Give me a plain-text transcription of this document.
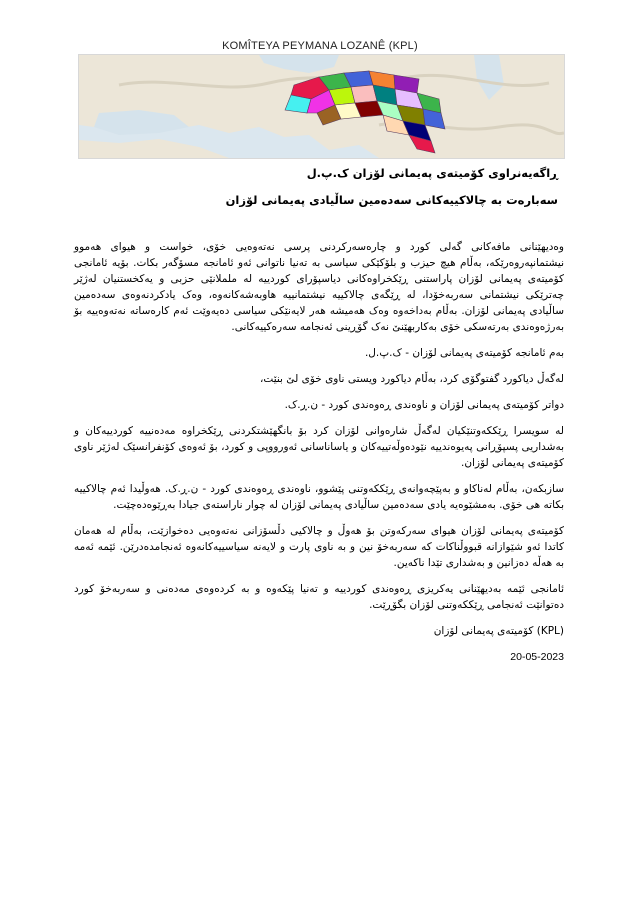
KOMÎTEYA PEYMANA LOZANÊ (KPL)
ڕاگەیەنراوی کۆمیتەی پەیمانی لۆزان ک.پ.ل
سەبارەت بە چالاکییەکانی سەدەمین ساڵیادی پەیمانی لۆزان

وەدیهێنانی مافەکانی گەلی کورد و چارەسەرکردنی پرسی نەتەوەیی خۆی، خواست و هیوای هەموو نیشتمانپەروەرێکە، بەڵام هیچ حیزب و بلۆکێکی سیاسی بە تەنیا ناتوانی ئەو ئامانجە مسۆگەر بکات. بۆیە ئامانجی کۆمیتەی پەیمانی لۆزان پاراستنی ڕێکخراوەکانی دیاسپۆرای کوردییە لە ململانێی حزبی و یەکخستنیان لەژێر چەترێکی نیشتمانی سەربەخۆدا، لە ڕێگەی چالاکییە نیشتمانییە هاوبەشەکانەوە، وەک یادکردنەوەی سەدەمین ساڵیادی پەیمانی لۆزان. بەڵام بەداخەوە وەک هەمیشە هەر لایەنێکی سیاسی دەیەوێت ئەم کارەساتە نەتەوەییە بۆ بەرژەوەندی بەرتەسکی خۆی بەکاربهێنێ نەک گۆڕینی ئەنجامە سەرەکییەکانی.

بەم ئامانجە کۆمیتەی پەیمانی لۆزان - ک.پ.ل.

لەگەڵ دیاکورد گفتوگۆی کرد، بەڵام دیاکورد ویستی ناوی خۆی لێ بنێت،

دواتر کۆمیتەی پەیمانی لۆزان و ناوەندی ڕەوەندی کورد - ن.ڕ.ک.

لە سویسرا ڕێککەوتنێکیان لەگەڵ شارەوانی لۆزان کرد بۆ بانگهێشتکردنی ڕێکخراوە مەدەنییە کوردییەکان و بەشداریی پسپۆڕانی پەیوەندییە نێودەوڵەتییەکان و یاساناسانی ئەورووپی و کورد، بۆ ئەوەی کۆنفرانسێک لەژێر ناوی کۆمیتەی پەیمانی لۆزان.

سازبکەن، بەڵام لەناکاو و بەپێچەوانەی ڕێککەوتنی پێشوو، ناوەندی ڕەوەندی کورد - ن.ڕ.ک. هەوڵیدا ئەم چالاکییە بکاتە هی خۆی. بەمشێوەیە یادی سەدەمین ساڵیادی پەیمانی لۆزان لە چوار ناراستەی جیادا بەڕێوەدەچێت.

کۆمیتەی پەیمانی لۆزان هیوای سەرکەوتن بۆ هەوڵ و چالاکیی دڵسۆزانی نەتەوەیی دەخوازێت، بەڵام لە هەمان کاتدا ئەو شێوازانە قبووڵناکات کە سەربەخۆ نین و بە ناوی پارت و لایەنە سیاسییەکانەوە ئەنجامدەدرێن. ئێمە ئەمە بە هەڵە دەزانین و بەشداری تێدا ناکەین.

ئامانجی ئێمە بەدیهێنانی یەکریزی ڕەوەندی کوردییە و تەنیا پێکەوە و بە کردەوەی مەدەنی و سەربەخۆ کورد دەتوانێت ئەنجامی ڕێککەوتنی لۆزان بگۆڕێت.

(KPL) کۆمیتەی پەیمانی لۆزان

20-05-2023
